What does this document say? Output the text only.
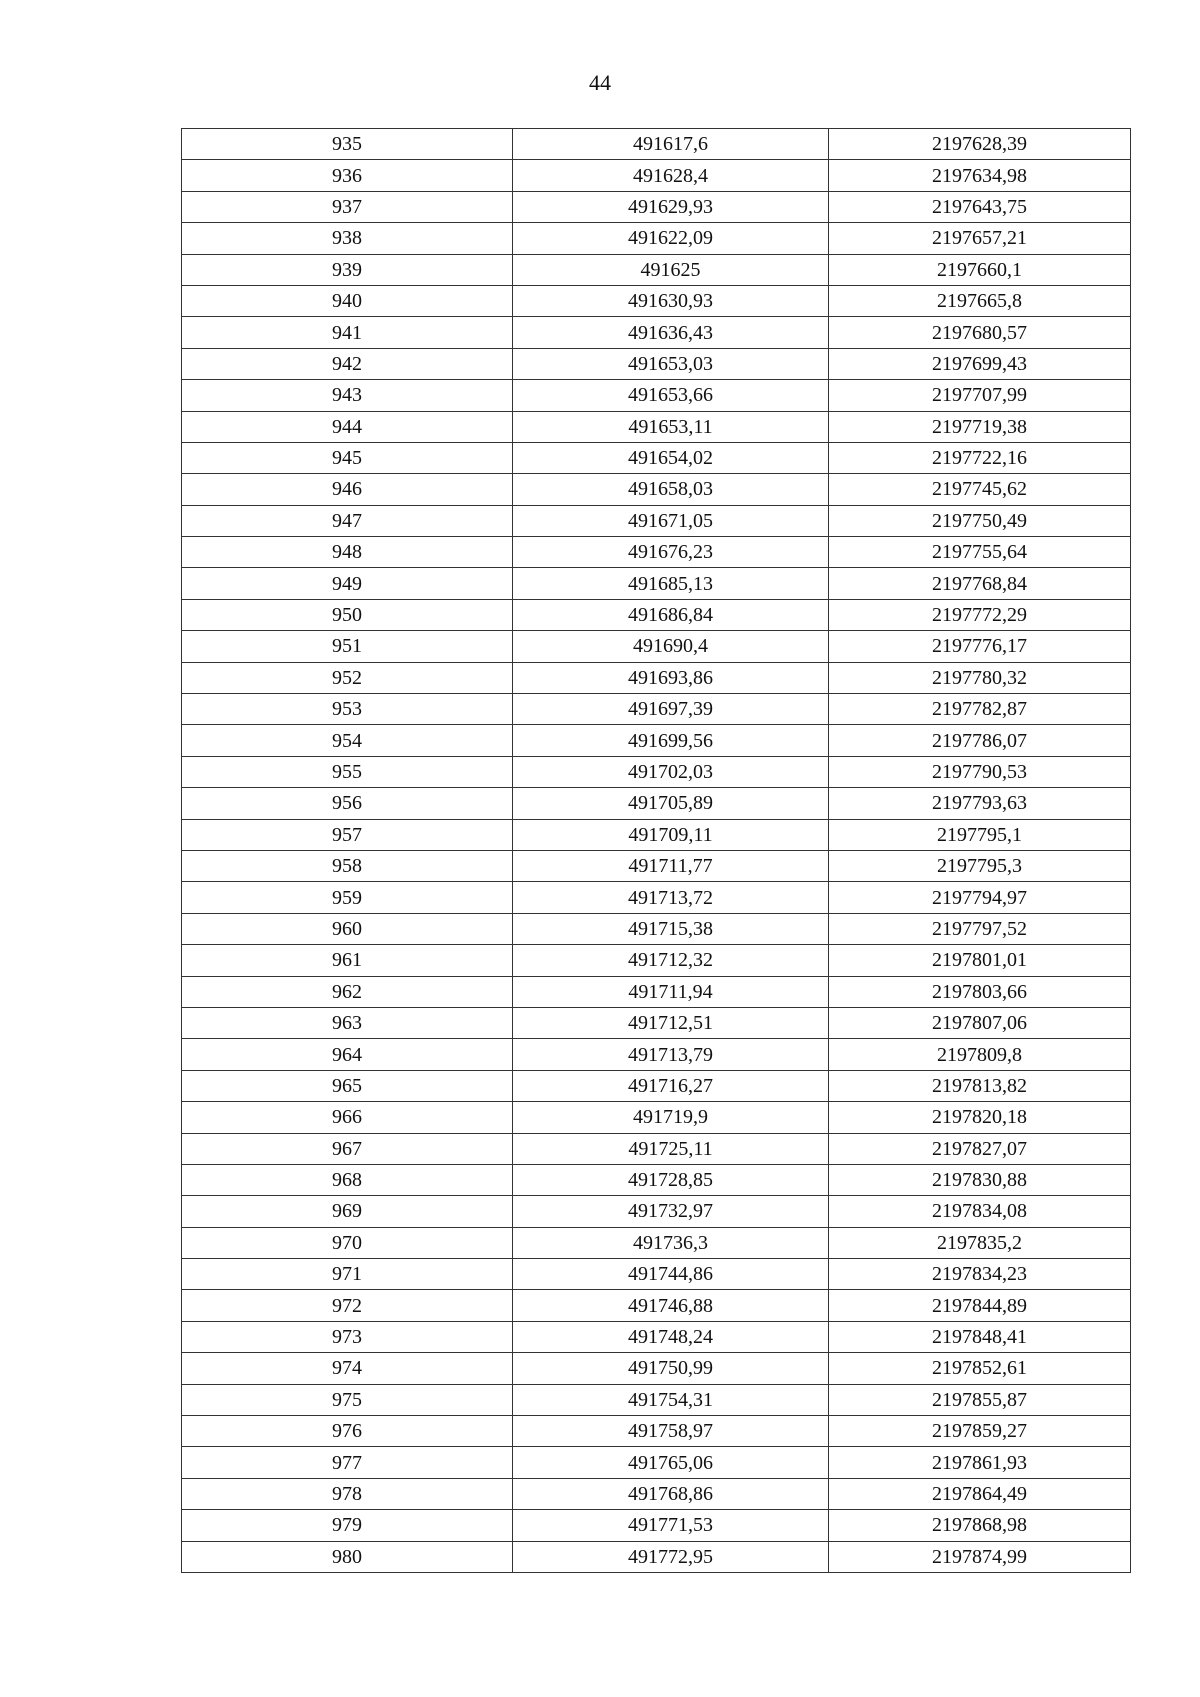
44
935	491617,6	2197628,39
936	491628,4	2197634,98
937	491629,93	2197643,75
938	491622,09	2197657,21
939	491625	2197660,1
940	491630,93	2197665,8
941	491636,43	2197680,57
942	491653,03	2197699,43
943	491653,66	2197707,99
944	491653,11	2197719,38
945	491654,02	2197722,16
946	491658,03	2197745,62
947	491671,05	2197750,49
948	491676,23	2197755,64
949	491685,13	2197768,84
950	491686,84	2197772,29
951	491690,4	2197776,17
952	491693,86	2197780,32
953	491697,39	2197782,87
954	491699,56	2197786,07
955	491702,03	2197790,53
956	491705,89	2197793,63
957	491709,11	2197795,1
958	491711,77	2197795,3
959	491713,72	2197794,97
960	491715,38	2197797,52
961	491712,32	2197801,01
962	491711,94	2197803,66
963	491712,51	2197807,06
964	491713,79	2197809,8
965	491716,27	2197813,82
966	491719,9	2197820,18
967	491725,11	2197827,07
968	491728,85	2197830,88
969	491732,97	2197834,08
970	491736,3	2197835,2
971	491744,86	2197834,23
972	491746,88	2197844,89
973	491748,24	2197848,41
974	491750,99	2197852,61
975	491754,31	2197855,87
976	491758,97	2197859,27
977	491765,06	2197861,93
978	491768,86	2197864,49
979	491771,53	2197868,98
980	491772,95	2197874,99
